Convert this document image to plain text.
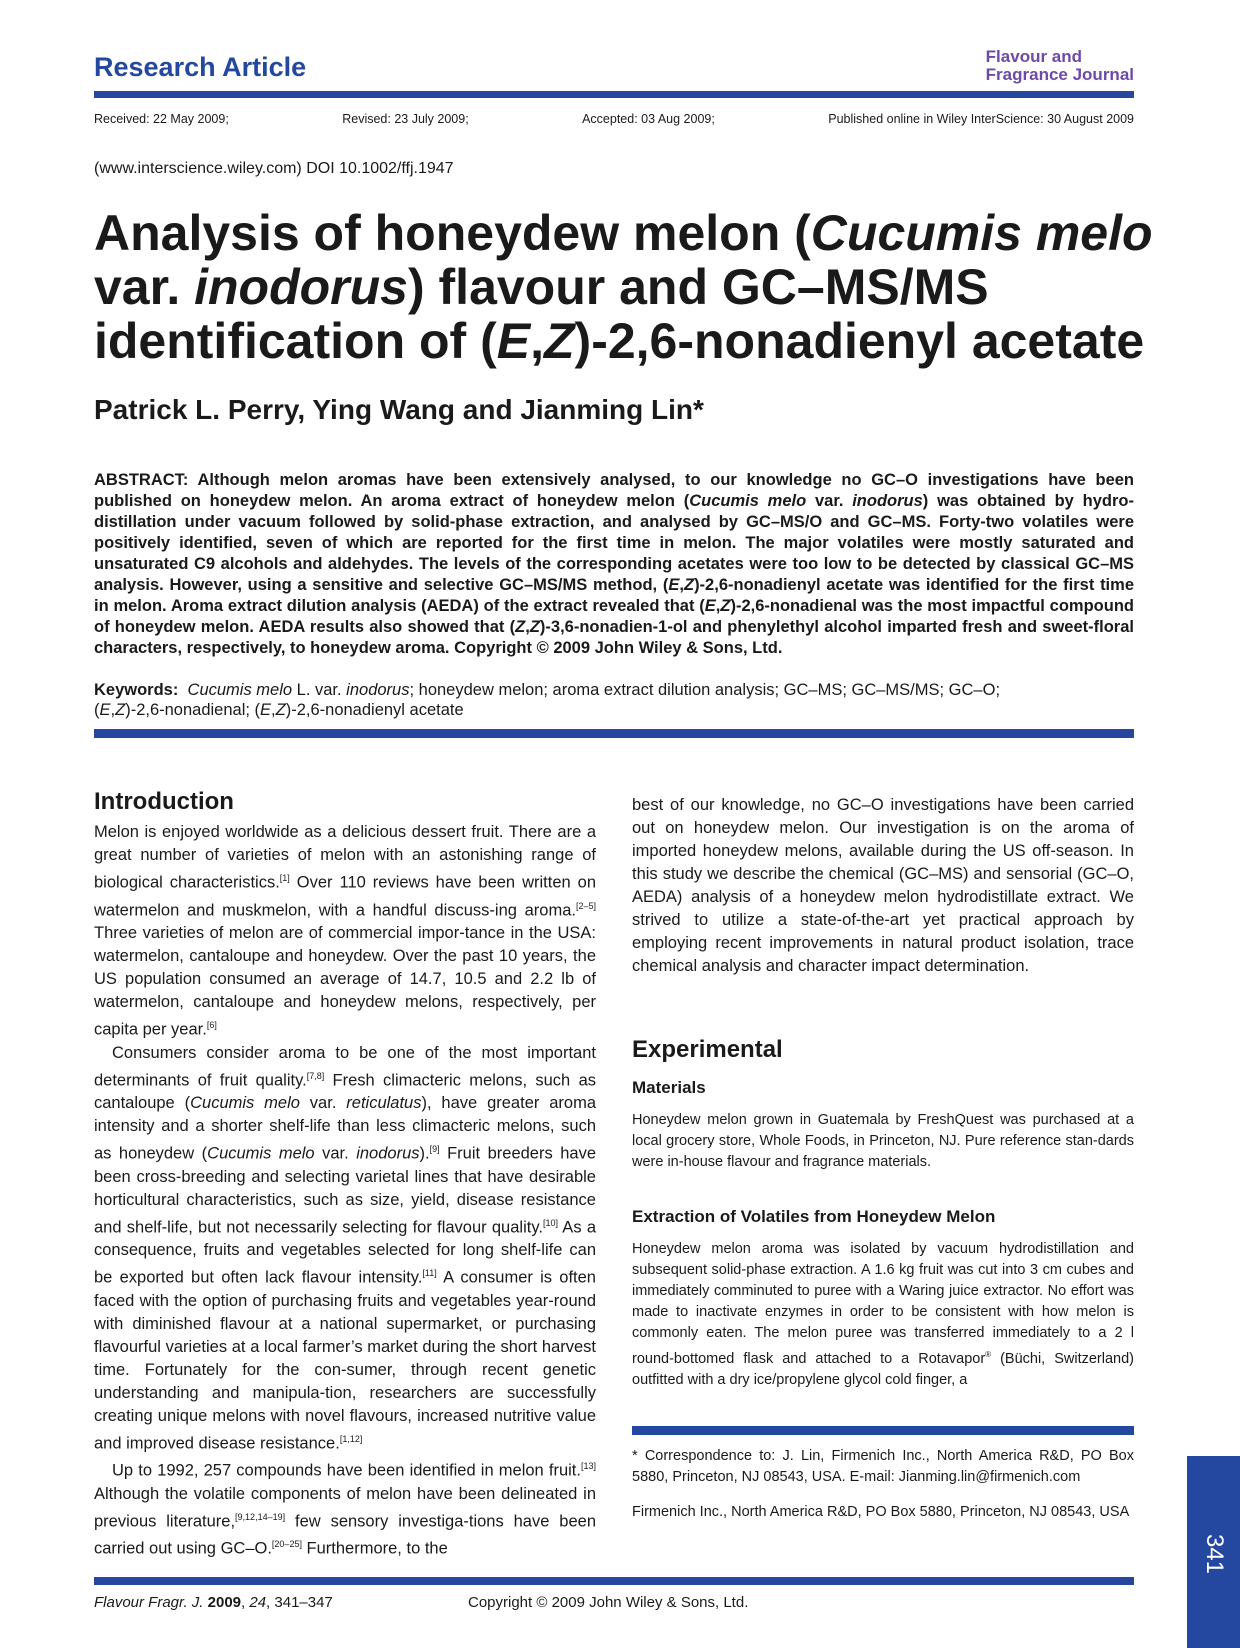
Research Article	Flavour and
Fragrance Journal
Received: 22 May 2009;	Revised: 23 July 2009;	Accepted: 03 Aug 2009;	Published online in Wiley InterScience: 30 August 2009
(www.interscience.wiley.com) DOI 10.1002/ffj.1947
Analysis of honeydew melon (Cucumis melo
var. inodorus) flavour and GC–MS/MS
identification of (E,Z)-2,6-nonadienyl acetate
Patrick L. Perry, Ying Wang and Jianming Lin*
ABSTRACT: Although melon aromas have been extensively analysed, to our knowledge no GC–O investigations have been published on honeydew melon. An aroma extract of honeydew melon (Cucumis melo var. inodorus) was obtained by hydro-distillation under vacuum followed by solid-phase extraction, and analysed by GC–MS/O and GC–MS. Forty-two volatiles were positively identified, seven of which are reported for the first time in melon. The major volatiles were mostly saturated and unsaturated C9 alcohols and aldehydes. The levels of the corresponding acetates were too low to be detected by classical GC–MS analysis. However, using a sensitive and selective GC–MS/MS method, (E,Z)-2,6-nonadienyl acetate was identified for the first time in melon. Aroma extract dilution analysis (AEDA) of the extract revealed that (E,Z)-2,6-nonadienal was the most impactful compound of honeydew melon. AEDA results also showed that (Z,Z)-3,6-nonadien-1-ol and phenylethyl alcohol imparted fresh and sweet-floral characters, respectively, to honeydew aroma. Copyright © 2009 John Wiley & Sons, Ltd.
Keywords: Cucumis melo L. var. inodorus; honeydew melon; aroma extract dilution analysis; GC–MS; GC–MS/MS; GC–O;
(E,Z)-2,6-nonadienal; (E,Z)-2,6-nonadienyl acetate
Introduction

Melon is enjoyed worldwide as a delicious dessert fruit. There are a great number of varieties of melon with an astonishing range of biological characteristics.[1] Over 110 reviews have been written on watermelon and muskmelon, with a handful discuss-ing aroma.[2–5] Three varieties of melon are of commercial impor-tance in the USA: watermelon, cantaloupe and honeydew. Over the past 10 years, the US population consumed an average of 14.7, 10.5 and 2.2 lb of watermelon, cantaloupe and honeydew melons, respectively, per capita per year.[6]

Consumers consider aroma to be one of the most important determinants of fruit quality.[7,8] Fresh climacteric melons, such as cantaloupe (Cucumis melo var. reticulatus), have greater aroma intensity and a shorter shelf-life than less climacteric melons, such as honeydew (Cucumis melo var. inodorus).[9] Fruit breeders have been cross-breeding and selecting varietal lines that have desirable horticultural characteristics, such as size, yield, disease resistance and shelf-life, but not necessarily selecting for flavour quality.[10] As a consequence, fruits and vegetables selected for long shelf-life can be exported but often lack flavour intensity.[11] A consumer is often faced with the option of purchasing fruits and vegetables year-round with diminished flavour at a national supermarket, or purchasing flavourful varieties at a local farmer’s market during the short harvest time. Fortunately for the con-sumer, through recent genetic understanding and manipula-tion, researchers are successfully creating unique melons with novel flavours, increased nutritive value and improved disease resistance.[1,12]

Up to 1992, 257 compounds have been identified in melon fruit.[13] Although the volatile components of melon have been delineated in previous literature,[9,12,14–19] few sensory investiga-tions have been carried out using GC–O.[20–25] Furthermore, to the

best of our knowledge, no GC–O investigations have been carried out on honeydew melon. Our investigation is on the aroma of imported honeydew melons, available during the US off-season. In this study we describe the chemical (GC–MS) and sensorial (GC–O, AEDA) analysis of a honeydew melon hydrodistillate extract. We strived to utilize a state-of-the-art yet practical approach by employing recent improvements in natural product isolation, trace chemical analysis and character impact determination.

Experimental
Materials
Honeydew melon grown in Guatemala by FreshQuest was purchased at a local grocery store, Whole Foods, in Princeton, NJ. Pure reference stan-dards were in-house flavour and fragrance materials.
Extraction of Volatiles from Honeydew Melon
Honeydew melon aroma was isolated by vacuum hydrodistillation and subsequent solid-phase extraction. A 1.6 kg fruit was cut into 3 cm cubes and immediately comminuted to puree with a Waring juice extractor. No effort was made to inactivate enzymes in order to be consistent with how melon is commonly eaten. The melon puree was transferred immediately to a 2 l round-bottomed flask and attached to a Rotavapor® (Büchi, Switzerland) outfitted with a dry ice/propylene glycol cold finger, a
* Correspondence to: J. Lin, Firmenich Inc., North America R&D, PO Box 5880, Princeton, NJ 08543, USA. E-mail: Jianming.lin@firmenich.com
Firmenich Inc., North America R&D, PO Box 5880, Princeton, NJ 08543, USA
Flavour Fragr. J. 2009, 24, 341–347	Copyright © 2009 John Wiley & Sons, Ltd.
341
